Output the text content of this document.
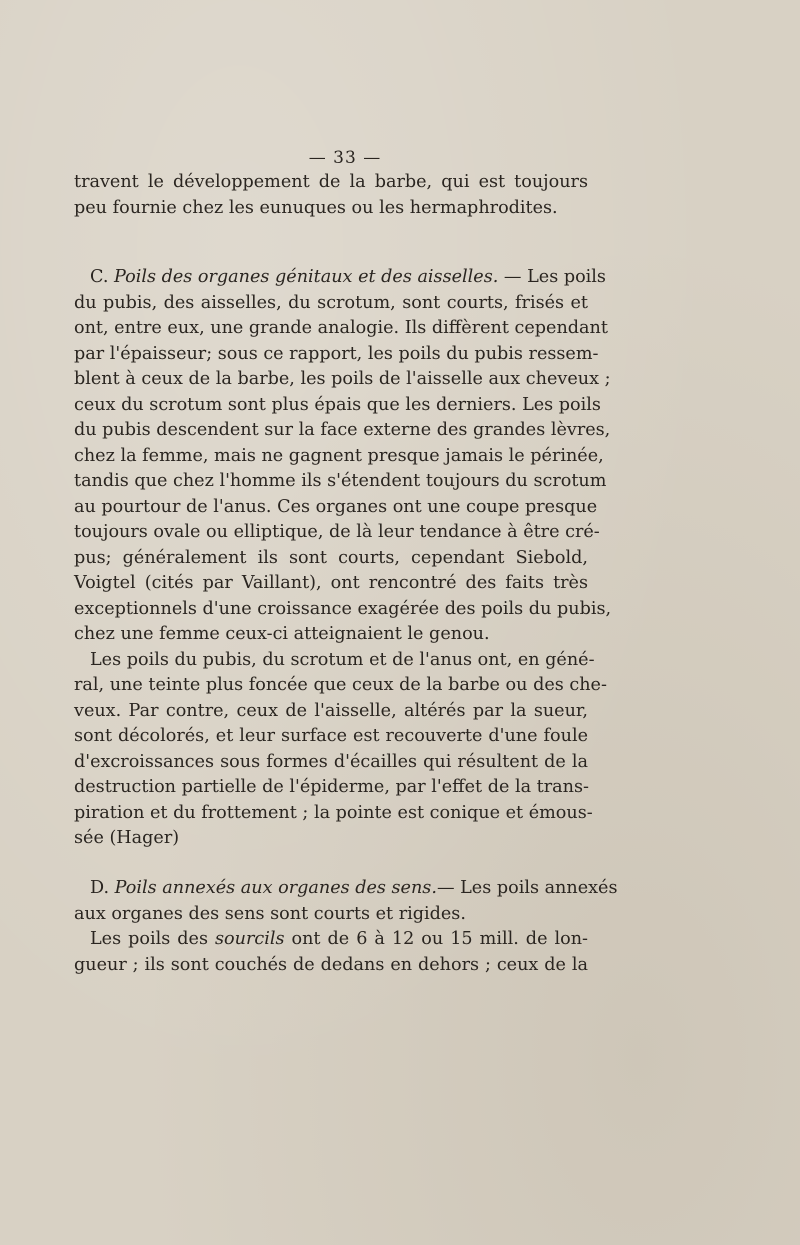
— 33 —
travent le développement de la barbe, qui est toujours
peu fournie chez les eunuques ou les hermaphrodites.
C. Poils des organes génitaux et des aisselles. — Les poils
du pubis, des aisselles, du scrotum, sont courts, frisés et
ont, entre eux, une grande analogie. Ils diffèrent cependant
par l'épaisseur; sous ce rapport, les poils du pubis ressem-
blent à ceux de la barbe, les poils de l'aisselle aux cheveux ;
ceux du scrotum sont plus épais que les derniers. Les poils
du pubis descendent sur la face externe des grandes lèvres,
chez la femme, mais ne gagnent presque jamais le périnée,
tandis que chez l'homme ils s'étendent toujours du scrotum
au pourtour de l'anus. Ces organes ont une coupe presque
toujours ovale ou elliptique, de là leur tendance à être cré-
pus; généralement ils sont courts, cependant Siebold,
Voigtel (cités par Vaillant), ont rencontré des faits très
exceptionnels d'une croissance exagérée des poils du pubis,
chez une femme ceux-ci atteignaient le genou.
Les poils du pubis, du scrotum et de l'anus ont, en géné-
ral, une teinte plus foncée que ceux de la barbe ou des che-
veux. Par contre, ceux de l'aisselle, altérés par la sueur,
sont décolorés, et leur surface est recouverte d'une foule
d'excroissances sous formes d'écailles qui résultent de la
destruction partielle de l'épiderme, par l'effet de la trans-
piration et du frottement ; la pointe est conique et émous-
sée (Hager)
D. Poils annexés aux organes des sens.— Les poils annexés
aux organes des sens sont courts et rigides.
Les poils des sourcils ont de 6 à 12 ou 15 mill. de lon-
gueur ; ils sont couchés de dedans en dehors ; ceux de la
